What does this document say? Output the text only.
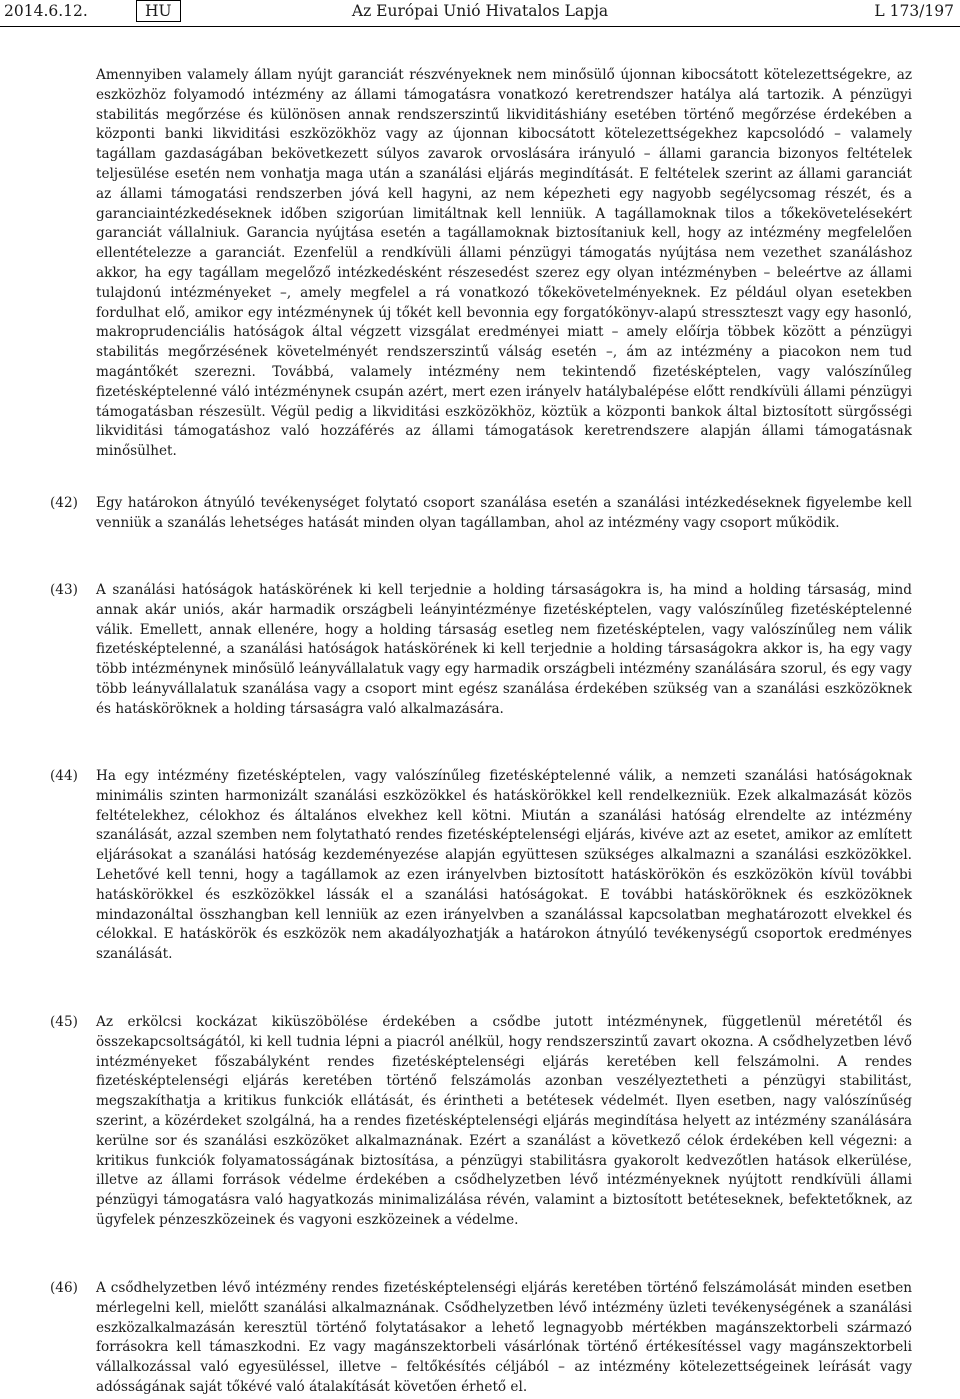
2014.6.12.	HU	Az Európai Unió Hivatalos Lapja	L 173/197
Amennyiben valamely állam nyújt garanciát részvényeknek nem minősülő újonnan kibocsátott kötelezettségekre, az eszközhöz folyamodó intézmény az állami támogatásra vonatkozó keretrendszer hatálya alá tartozik. A pénzügyi stabilitás megőrzése és különösen annak rendszerszintű likviditáshiány esetében történő megőrzése érdekében a központi banki likviditási eszközökhöz vagy az újonnan kibocsátott kötelezettségekhez kapcsolódó – valamely tagállam gazdaságában bekövetkezett súlyos zavarok orvoslására irányuló – állami garancia bizonyos feltételek teljesülése esetén nem vonhatja maga után a szanálási eljárás megindítását. E feltételek szerint az állami garanciát az állami támogatási rendszerben jóvá kell hagyni, az nem képezheti egy nagyobb segélycsomag részét, és a garanciaintézkedéseknek időben szigorúan limitáltnak kell lenniük. A tagállamoknak tilos a tőkekövetelésekért garanciát vállalniuk. Garancia nyújtása esetén a tagállamoknak biztosítaniuk kell, hogy az intézmény megfelelően ellentételezze a garanciát. Ezenfelül a rendkívüli állami pénzügyi támogatás nyújtása nem vezethet szanáláshoz akkor, ha egy tagállam megelőző intézkedésként részesedést szerez egy olyan intézményben – beleértve az állami tulajdonú intézményeket –, amely megfelel a rá vonatkozó tőkekövetelményeknek. Ez például olyan esetekben fordulhat elő, amikor egy intézménynek új tőkét kell bevonnia egy forgatókönyv-alapú stresszteszt vagy egy hasonló, makroprudenciális hatóságok által végzett vizsgálat eredményei miatt – amely előírja többek között a pénzügyi stabilitás megőrzésének követelményét rendszerszintű válság esetén –, ám az intézmény a piacokon nem tud magántőkét szerezni. Továbbá, valamely intézmény nem tekintendő fizetésképtelen, vagy valószínűleg fizetésképtelenné váló intézménynek csupán azért, mert ezen irányelv hatálybalépése előtt rendkívüli állami pénzügyi támogatásban részesült. Végül pedig a likviditási eszközökhöz, köztük a központi bankok által biztosított sürgősségi likviditási támogatáshoz való hozzáférés az állami támogatások keretrendszere alapján állami támogatásnak minősülhet.
(42) Egy határokon átnyúló tevékenységet folytató csoport szanálása esetén a szanálási intézkedéseknek figyelembe kell venniük a szanálás lehetséges hatását minden olyan tagállamban, ahol az intézmény vagy csoport működik.
(43) A szanálási hatóságok hatáskörének ki kell terjednie a holding társaságokra is, ha mind a holding társaság, mind annak akár uniós, akár harmadik országbeli leányintézménye fizetésképtelen, vagy valószínűleg fizetésképtelenné válik. Emellett, annak ellenére, hogy a holding társaság esetleg nem fizetésképtelen, vagy valószínűleg nem válik fizetésképtelenné, a szanálási hatóságok hatáskörének ki kell terjednie a holding társaságokra akkor is, ha egy vagy több intézménynek minősülő leányvállalatuk vagy egy harmadik országbeli intézmény szanálására szorul, és egy vagy több leányvállalatuk szanálása vagy a csoport mint egész szanálása érdekében szükség van a szanálási eszközöknek és hatásköröknek a holding társaságra való alkalmazására.
(44) Ha egy intézmény fizetésképtelen, vagy valószínűleg fizetésképtelenné válik, a nemzeti szanálási hatóságoknak minimális szinten harmonizált szanálási eszközökkel és hatáskörökkel kell rendelkezniük. Ezek alkalmazását közös feltételekhez, célokhoz és általános elvekhez kell kötni. Miután a szanálási hatóság elrendelte az intézmény szanálását, azzal szemben nem folytatható rendes fizetésképtelenségi eljárás, kivéve azt az esetet, amikor az említett eljárásokat a szanálási hatóság kezdeményezése alapján együttesen szükséges alkalmazni a szanálási eszközökkel. Lehetővé kell tenni, hogy a tagállamok az ezen irányelvben biztosított hatáskörökön és eszközökön kívül további hatáskörökkel és eszközökkel lássák el a szanálási hatóságokat. E további hatásköröknek és eszközöknek mindazonáltal összhangban kell lenniük az ezen irányelvben a szanálással kapcsolatban meghatározott elvekkel és célokkal. E hatáskörök és eszközök nem akadályozhatják a határokon átnyúló tevékenységű csoportok eredményes szanálását.
(45) Az erkölcsi kockázat kiküszöbölése érdekében a csődbe jutott intézménynek, függetlenül méretétől és összekapcsoltságától, ki kell tudnia lépni a piacról anélkül, hogy rendszerszintű zavart okozna. A csődhelyzetben lévő intézményeket főszabályként rendes fizetésképtelenségi eljárás keretében kell felszámolni. A rendes fizetésképtelenségi eljárás keretében történő felszámolás azonban veszélyeztetheti a pénzügyi stabilitást, megszakíthatja a kritikus funkciók ellátását, és érintheti a betétesek védelmét. Ilyen esetben, nagy valószínűség szerint, a közérdeket szolgálná, ha a rendes fizetésképtelenségi eljárás megindítása helyett az intézmény szanálására kerülne sor és szanálási eszközöket alkalmaznának. Ezért a szanálást a következő célok érdekében kell végezni: a kritikus funkciók folyamatosságának biztosítása, a pénzügyi stabilitásra gyakorolt kedvezőtlen hatások elkerülése, illetve az állami források védelme érdekében a csődhelyzetben lévő intézményeknek nyújtott rendkívüli állami pénzügyi támogatásra való hagyatkozás minimalizálása révén, valamint a biztosított betéteseknek, befektetőknek, az ügyfelek pénzeszközeinek és vagyoni eszközeinek a védelme.
(46) A csődhelyzetben lévő intézmény rendes fizetésképtelenségi eljárás keretében történő felszámolását minden esetben mérlegelni kell, mielőtt szanálási alkalmaznának. Csődhelyzetben lévő intézmény üzleti tevékenységének a szanálási eszközalkalmazásán keresztül történő folytatásakor a lehető legnagyobb mértékben magánszektorbeli származó forrásokra kell támaszkodni. Ez vagy magánszektorbeli vásárlónak történő értékesítéssel vagy magánszektorbeli vállalkozással való egyesüléssel, illetve – feltőkésítés céljából – az intézmény kötelezettségeinek leírását vagy adósságának saját tőkévé való átalakítását követően érhető el.
